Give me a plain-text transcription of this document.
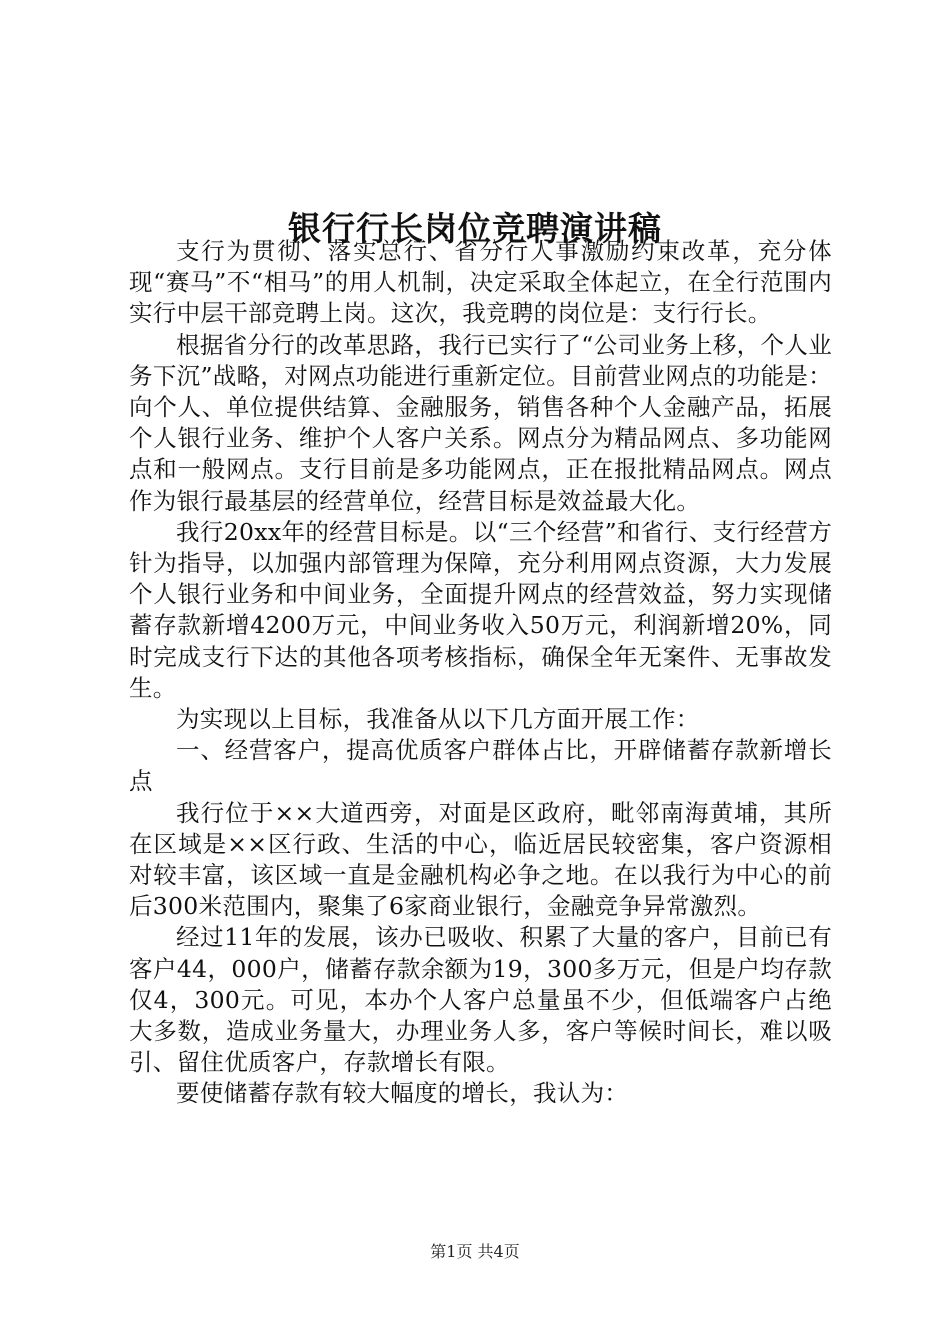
银行行长岗位竞聘演讲稿

支行为贯彻、落实总行、省分行人事激励约束改革，充分体现“赛马”不“相马”的用人机制，决定采取全体起立，在全行范围内实行中层干部竞聘上岗。这次，我竞聘的岗位是：支行行长。

根据省分行的改革思路，我行已实行了“公司业务上移，个人业务下沉”战略，对网点功能进行重新定位。目前营业网点的功能是：向个人、单位提供结算、金融服务，销售各种个人金融产品，拓展个人银行业务、维护个人客户关系。网点分为精品网点、多功能网点和一般网点。支行目前是多功能网点，正在报批精品网点。网点作为银行最基层的经营单位，经营目标是效益最大化。

我行20xx年的经营目标是。以“三个经营”和省行、支行经营方针为指导，以加强内部管理为保障，充分利用网点资源，大力发展个人银行业务和中间业务，全面提升网点的经营效益，努力实现储蓄存款新增4200万元，中间业务收入50万元，利润新增20%，同时完成支行下达的其他各项考核指标，确保全年无案件、无事故发生。

为实现以上目标，我准备从以下几方面开展工作：

一、经营客户，提高优质客户群体占比，开辟储蓄存款新增长点

我行位于××大道西旁，对面是区政府，毗邻南海黄埔，其所在区域是××区行政、生活的中心，临近居民较密集，客户资源相对较丰富，该区域一直是金融机构必争之地。在以我行为中心的前后300米范围内，聚集了6家商业银行，金融竞争异常激烈。

经过11年的发展，该办已吸收、积累了大量的客户，目前已有客户44，000户，储蓄存款余额为19，300多万元，但是户均存款仅4，300元。可见，本办个人客户总量虽不少，但低端客户占绝大多数，造成业务量大，办理业务人多，客户等候时间长，难以吸引、留住优质客户，存款增长有限。

要使储蓄存款有较大幅度的增长，我认为：

第1页 共4页
